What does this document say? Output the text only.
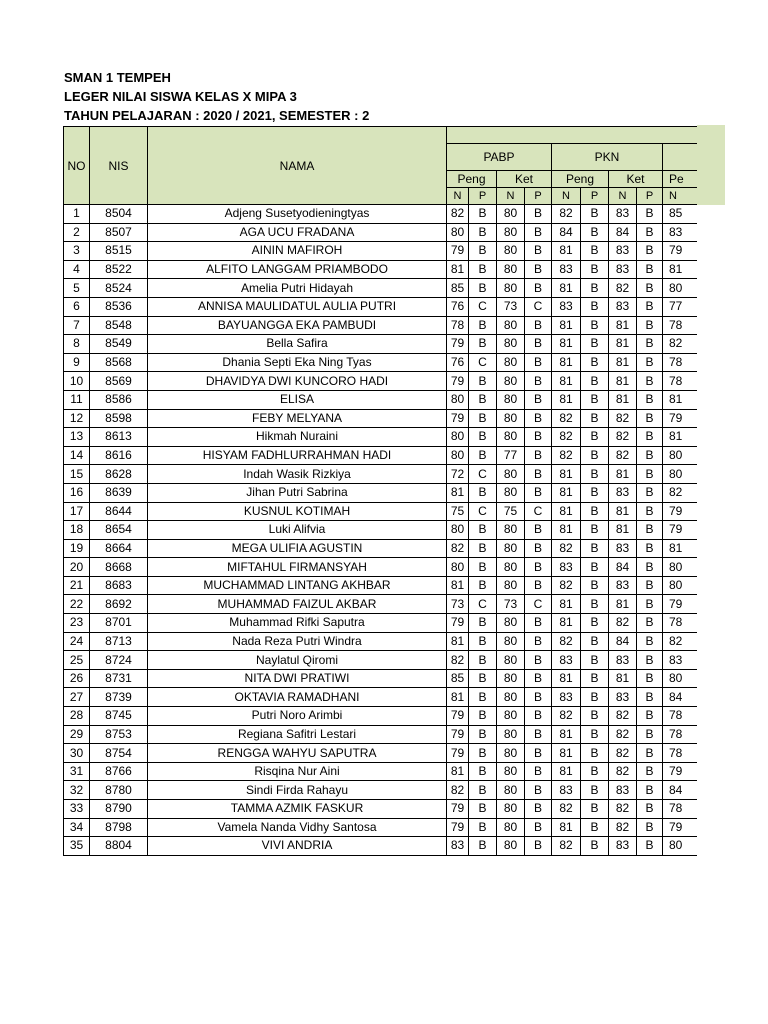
SMAN 1 TEMPEH
LEGER NILAI SISWA KELAS X MIPA 3
TAHUN PELAJARAN : 2020 / 2021, SEMESTER : 2
NO	NIS	NAMA									
			PABP				PKN				
			Peng		Ket		Peng		Ket		Pe
			N	P	N	P	N	P	N	P	N
1	8504	Adjeng Susetyodieningtyas	82	B	80	B	82	B	83	B	85
2	8507	AGA UCU FRADANA	80	B	80	B	84	B	84	B	83
3	8515	AININ MAFIROH	79	B	80	B	81	B	83	B	79
4	8522	ALFITO LANGGAM PRIAMBODO	81	B	80	B	83	B	83	B	81
5	8524	Amelia Putri Hidayah	85	B	80	B	81	B	82	B	80
6	8536	ANNISA MAULIDATUL AULIA PUTRI	76	C	73	C	83	B	83	B	77
7	8548	BAYUANGGA EKA PAMBUDI	78	B	80	B	81	B	81	B	78
8	8549	Bella Safira	79	B	80	B	81	B	81	B	82
9	8568	Dhania Septi Eka Ning Tyas	76	C	80	B	81	B	81	B	78
10	8569	DHAVIDYA DWI KUNCORO HADI	79	B	80	B	81	B	81	B	78
11	8586	ELISA	80	B	80	B	81	B	81	B	81
12	8598	FEBY MELYANA	79	B	80	B	82	B	82	B	79
13	8613	Hikmah Nuraini	80	B	80	B	82	B	82	B	81
14	8616	HISYAM FADHLURRAHMAN HADI	80	B	77	B	82	B	82	B	80
15	8628	Indah Wasik Rizkiya	72	C	80	B	81	B	81	B	80
16	8639	Jihan Putri Sabrina	81	B	80	B	81	B	83	B	82
17	8644	KUSNUL KOTIMAH	75	C	75	C	81	B	81	B	79
18	8654	Luki Alifvia	80	B	80	B	81	B	81	B	79
19	8664	MEGA ULIFIA AGUSTIN	82	B	80	B	82	B	83	B	81
20	8668	MIFTAHUL FIRMANSYAH	80	B	80	B	83	B	84	B	80
21	8683	MUCHAMMAD LINTANG AKHBAR	81	B	80	B	82	B	83	B	80
22	8692	MUHAMMAD FAIZUL AKBAR	73	C	73	C	81	B	81	B	79
23	8701	Muhammad Rifki Saputra	79	B	80	B	81	B	82	B	78
24	8713	Nada Reza Putri Windra	81	B	80	B	82	B	84	B	82
25	8724	Naylatul Qiromi	82	B	80	B	83	B	83	B	83
26	8731	NITA DWI PRATIWI	85	B	80	B	81	B	81	B	80
27	8739	OKTAVIA RAMADHANI	81	B	80	B	83	B	83	B	84
28	8745	Putri Noro Arimbi	79	B	80	B	82	B	82	B	78
29	8753	Regiana Safitri Lestari	79	B	80	B	81	B	82	B	78
30	8754	RENGGA WAHYU SAPUTRA	79	B	80	B	81	B	82	B	78
31	8766	Risqina Nur Aini	81	B	80	B	81	B	82	B	79
32	8780	Sindi Firda Rahayu	82	B	80	B	83	B	83	B	84
33	8790	TAMMA AZMIK FASKUR	79	B	80	B	82	B	82	B	78
34	8798	Vamela Nanda Vidhy Santosa	79	B	80	B	81	B	82	B	79
35	8804	VIVI ANDRIA	83	B	80	B	82	B	83	B	80
